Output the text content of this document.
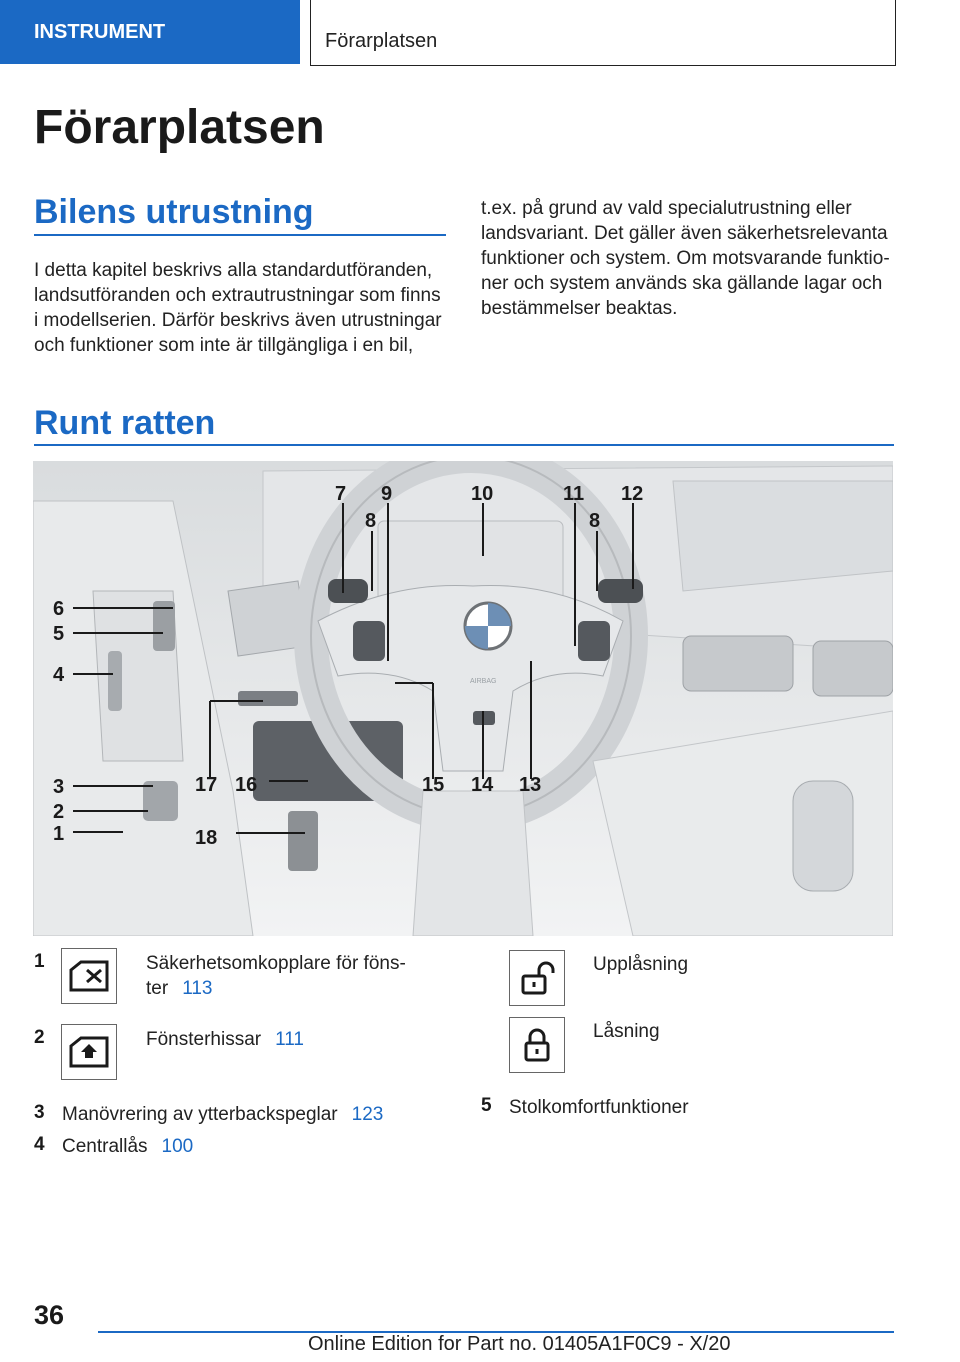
INSTRUMENT	Förarplatsen
Förarplatsen
Bilens utrustning
I detta kapitel beskrivs alla standardutföranden,
landsutföranden och extrautrustningar som finns
i modellserien. Därför beskrivs även utrustningar
och funktioner som inte är tillgängliga i en bil,
t.ex. på grund av vald specialutrustning eller
landsvariant. Det gäller även säkerhetsrelevanta
funktioner och system. Om motsvarande funktio-
ner och system används ska gällande lagar och
bestämmelser beaktas.
Runt ratten
6
5
4
3
2
1
7
8
9	10	11
8
12
13
14
15
16
17
18
AIRBAG
1	Säkerhetsomkopplare för föns-
ter 113
2	Fönsterhissar 111
3 Manövrering av ytterbackspeglar 123
4 Centrallås 100
Upplåsning
Låsning
5 Stolkomfortfunktioner
36
Online Edition for Part no. 01405A1F0C9 - X/20
